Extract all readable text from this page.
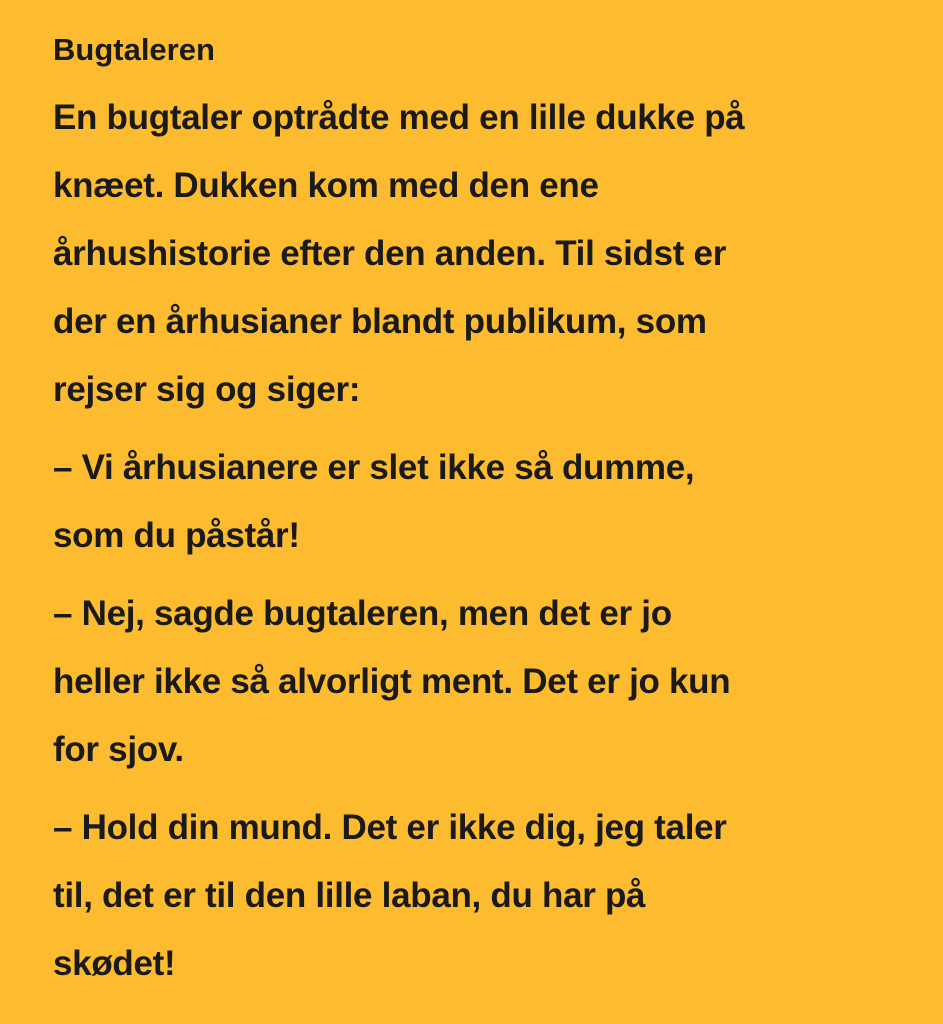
Bugtaleren
En bugtaler optrådte med en lille dukke på
knæet. Dukken kom med den ene
århushistorie efter den anden. Til sidst er
der en århusianer blandt publikum, som
rejser sig og siger:
– Vi århusianere er slet ikke så dumme,
som du påstår!
– Nej, sagde bugtaleren, men det er jo
heller ikke så alvorligt ment. Det er jo kun
for sjov.
– Hold din mund. Det er ikke dig, jeg taler
til, det er til den lille laban, du har på
skødet!
